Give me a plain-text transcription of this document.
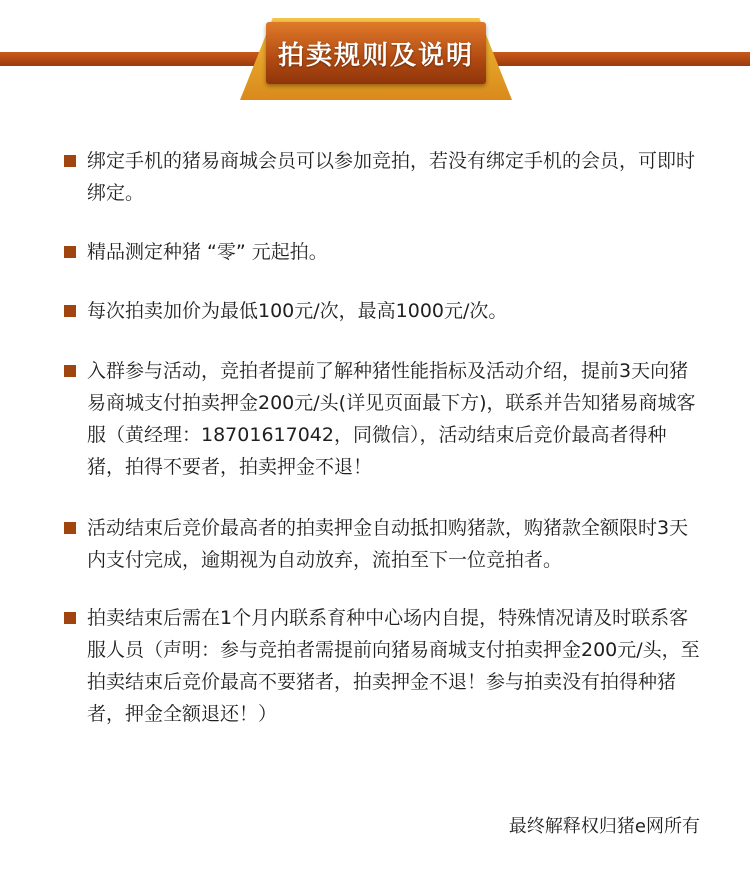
拍卖规则及说明
绑定手机的猪易商城会员可以参加竞拍，若没有绑定手机的会员，可即时绑定。
精品测定种猪 “零” 元起拍。
每次拍卖加价为最低100元/次，最高1000元/次。
入群参与活动，竞拍者提前了解种猪性能指标及活动介绍，提前3天向猪易商城支付拍卖押金200元/头(详见页面最下方)，联系并告知猪易商城客服（黄经理：18701617042，同微信），活动结束后竞价最高者得种猪，拍得不要者，拍卖押金不退！
活动结束后竞价最高者的拍卖押金自动抵扣购猪款，购猪款全额限时3天内支付完成，逾期视为自动放弃，流拍至下一位竞拍者。
拍卖结束后需在1个月内联系育种中心场内自提，特殊情况请及时联系客服人员（声明：参与竞拍者需提前向猪易商城支付拍卖押金200元/头，至拍卖结束后竞价最高不要猪者，拍卖押金不退！参与拍卖没有拍得种猪者，押金全额退还！）
最终解释权归猪e网所有
